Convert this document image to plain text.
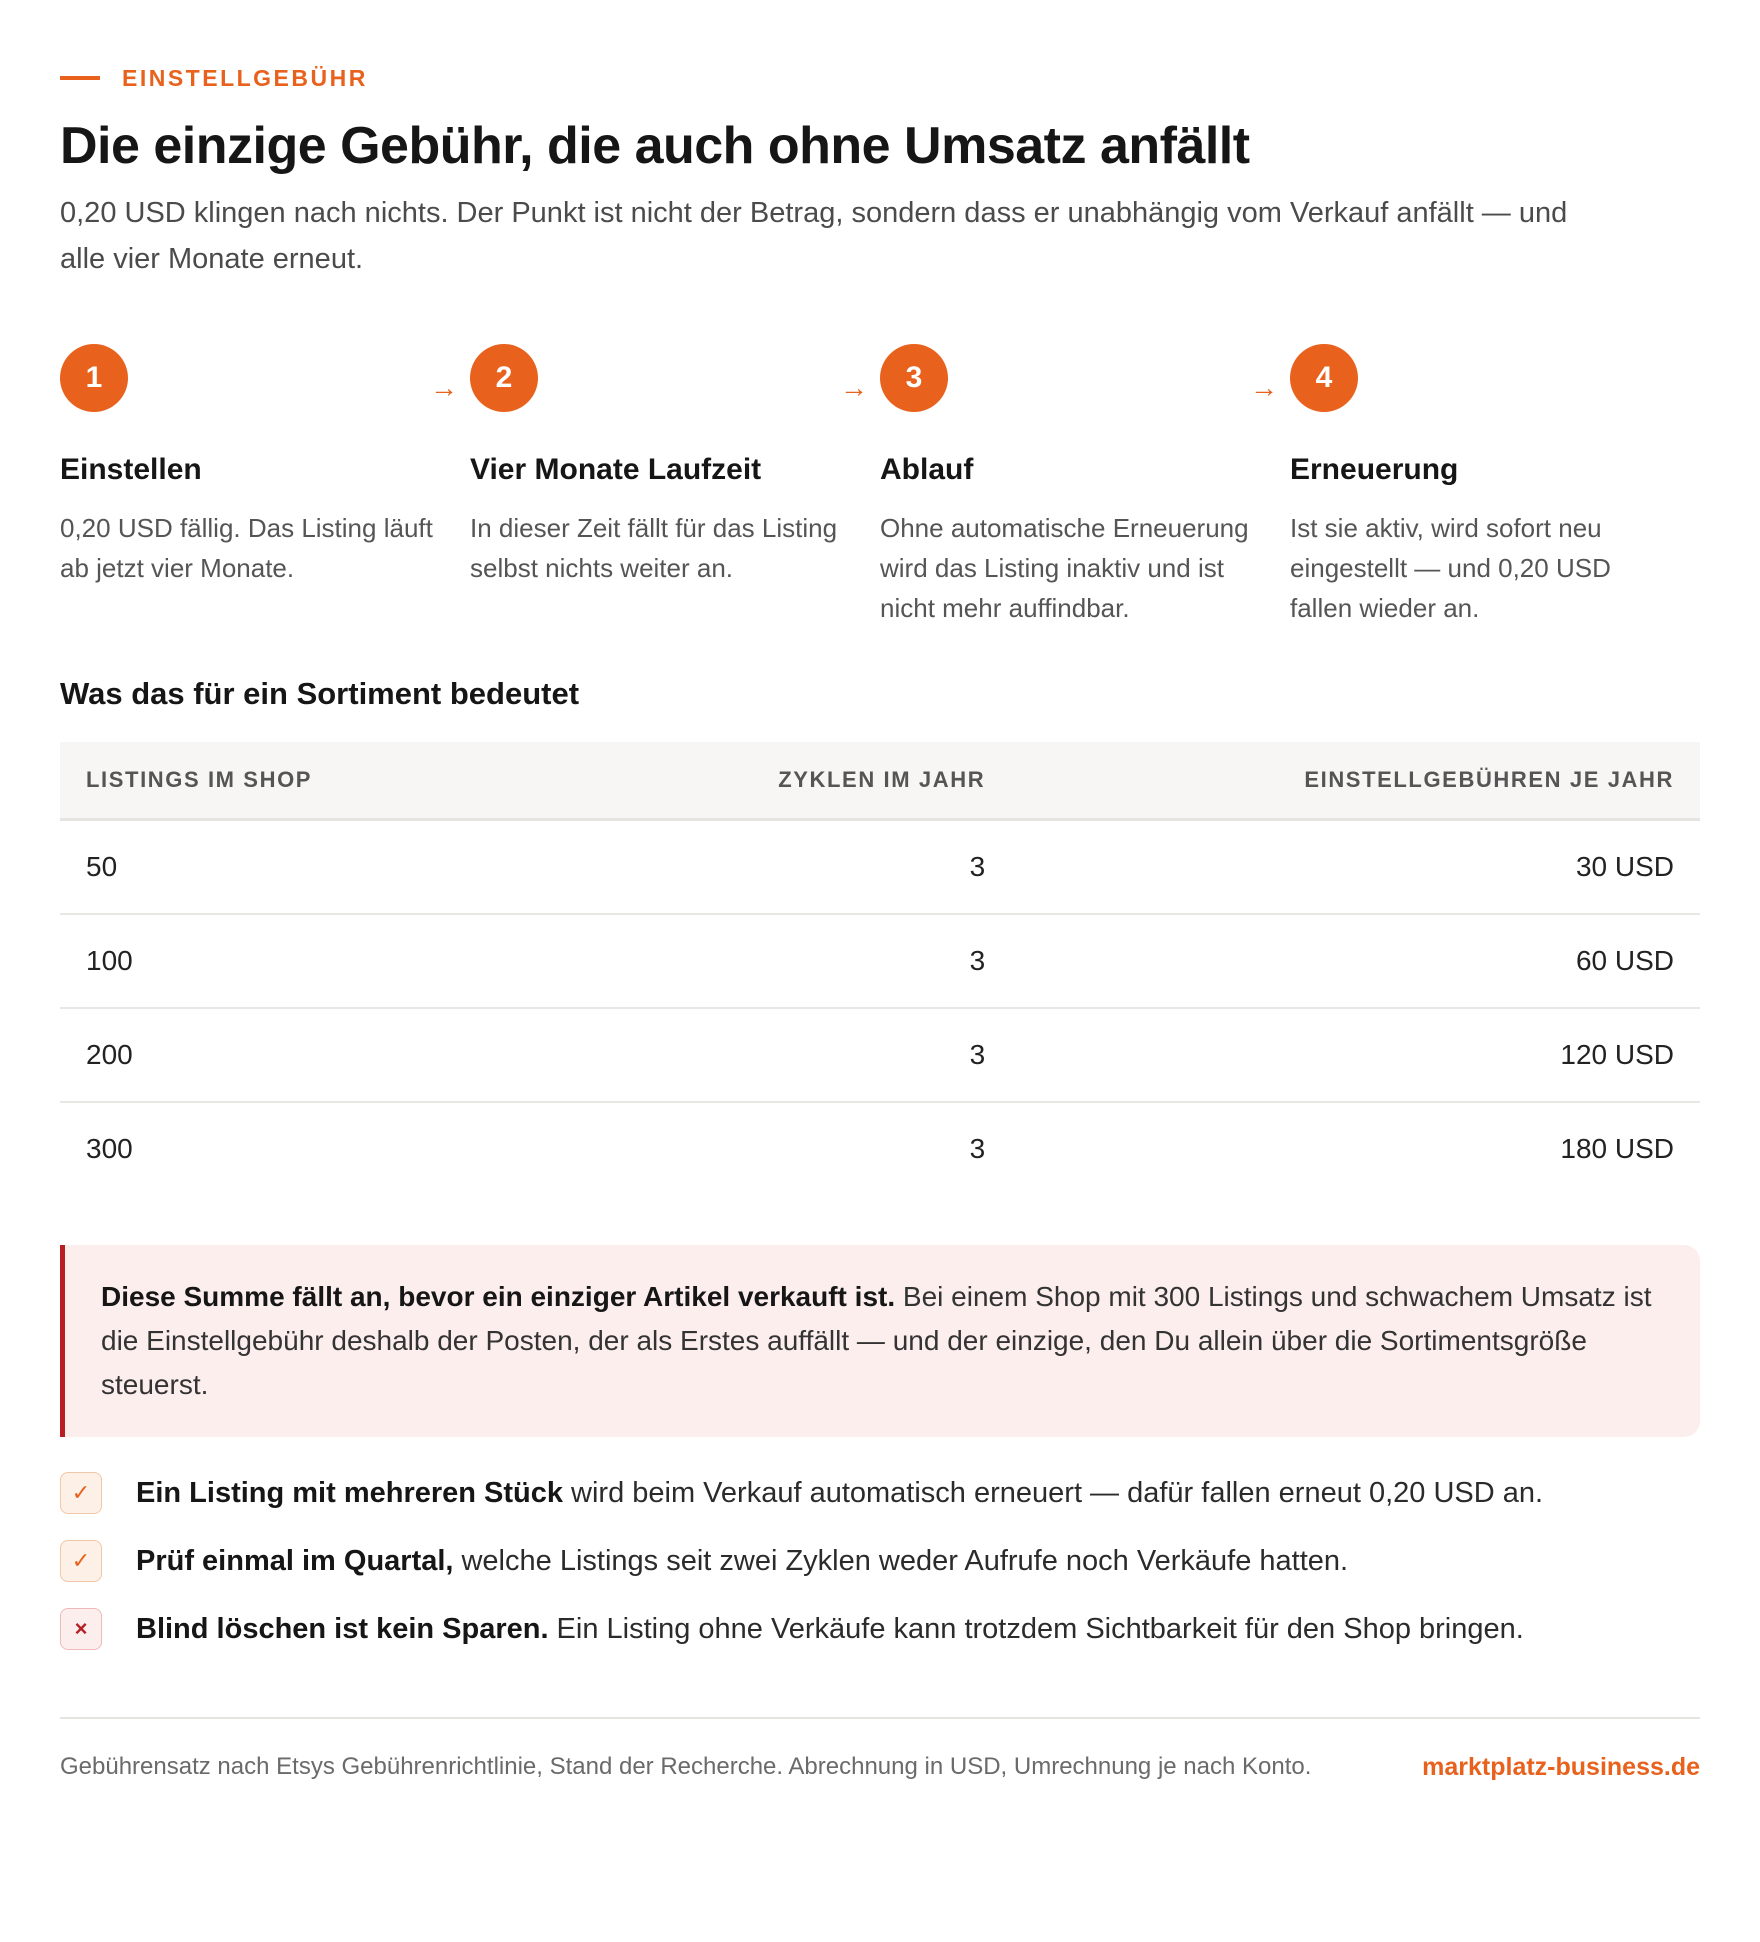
EINSTELLGEBÜHR
Die einzige Gebühr, die auch ohne Umsatz anfällt

0,20 USD klingen nach nichts. Der Punkt ist nicht der Betrag, sondern dass er unabhängig vom Verkauf anfällt — und alle vier Monate erneut.

1
Einstellen
0,20 USD fällig. Das Listing läuft ab jetzt vier Monate.
→	2
Vier Monate Laufzeit
In dieser Zeit fällt für das Listing selbst nichts weiter an.
→	3
Ablauf
Ohne automatische Erneuerung wird das Listing inaktiv und ist nicht mehr auffindbar.
→	4
Erneuerung
Ist sie aktiv, wird sofort neu eingestellt — und 0,20 USD fallen wieder an.
Was das für ein Sortiment bedeutet
LISTINGS IM SHOP	ZYKLEN IM JAHR	EINSTELLGEBÜHREN JE JAHR
50	3	30 USD
100	3	60 USD
200	3	120 USD
300	3	180 USD
Diese Summe fällt an, bevor ein einziger Artikel verkauft ist. Bei einem Shop mit 300 Listings und schwachem Umsatz ist die Einstellgebühr deshalb der Posten, der als Erstes auffällt — und der einzige, den Du allein über die Sortimentsgröße steuerst.
✓	Ein Listing mit mehreren Stück wird beim Verkauf automatisch erneuert — dafür fallen erneut 0,20 USD an.
✓	Prüf einmal im Quartal, welche Listings seit zwei Zyklen weder Aufrufe noch Verkäufe hatten.
×	Blind löschen ist kein Sparen. Ein Listing ohne Verkäufe kann trotzdem Sichtbarkeit für den Shop bringen.
Gebührensatz nach Etsys Gebührenrichtlinie, Stand der Recherche. Abrechnung in USD, Umrechnung je nach Konto.	marktplatz-business.de
